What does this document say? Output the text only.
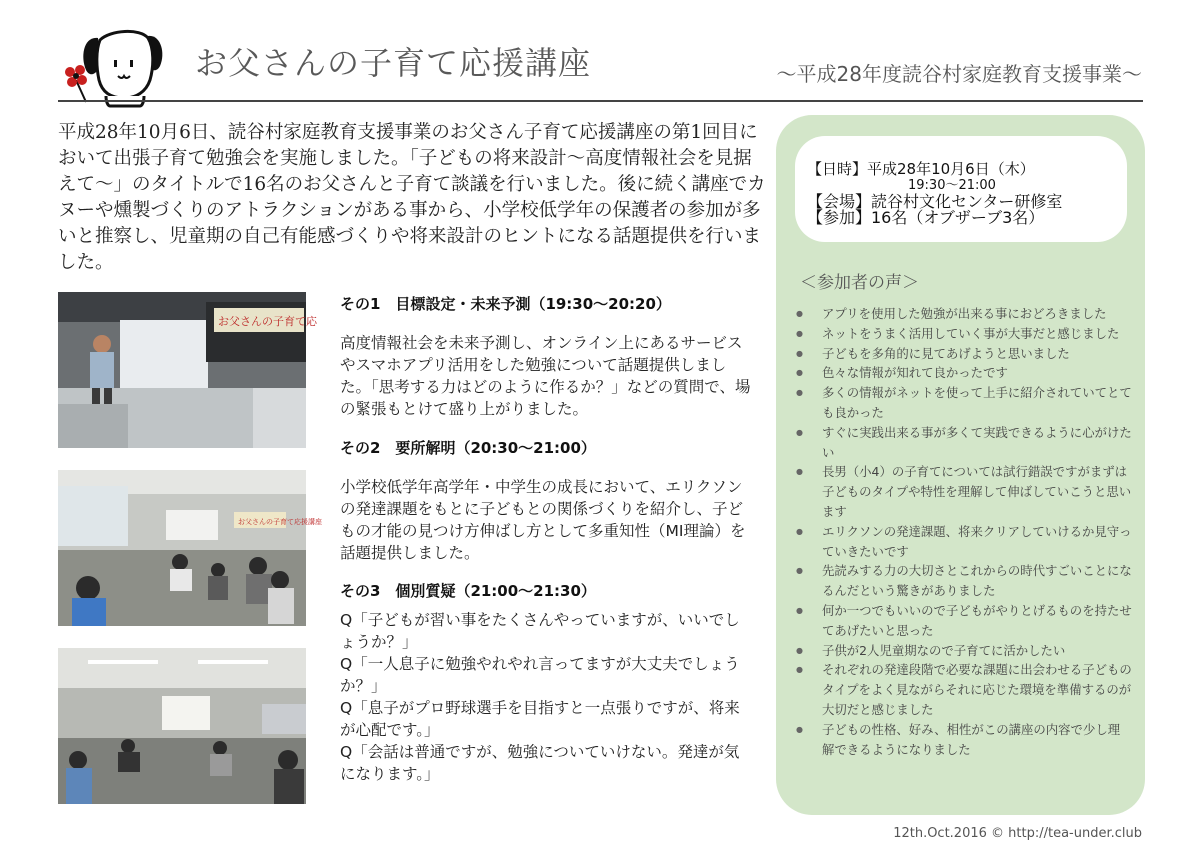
お父さんの子育て応援講座	～平成28年度読谷村家庭教育支援事業～
平成28年10月6日、読谷村家庭教育支援事業のお父さん子育て応援講座の第1回目において出張子育て勉強会を実施しました。「子どもの将来設計～高度情報社会を見据えて～」のタイトルで16名のお父さんと子育て談議を行いました。後に続く講座でカヌーや燻製づくりのアトラクションがある事から、小学校低学年の保護者の参加が多いと推察し、児童期の自己有能感づくりや将来設計のヒントになる話題提供を行いました。
お父さんの子育て応
お父さんの子育て応援講座
その1　目標設定・未来予測（19:30～20:20）
高度情報社会を未来予測し、オンライン上にあるサービスやスマホアプリ活用をした勉強について話題提供しました。「思考する力はどのように作るか？」などの質問で、場の緊張もとけて盛り上がりました。
その2　要所解明（20:30～21:00）
小学校低学年高学年・中学生の成長において、エリクソンの発達課題をもとに子どもとの関係づくりを紹介し、子どもの才能の見つけ方伸ばし方として多重知性（MI理論）を話題提供しました。
その3　個別質疑（21:00～21:30）
Q「子どもが習い事をたくさんやっていますが、いいでしょうか？」
Q「一人息子に勉強やれやれ言ってますが大丈夫でしょうか？」
Q「息子がプロ野球選手を目指すと一点張りですが、将来が心配です。」
Q「会話は普通ですが、勉強についていけない。発達が気になります。」
【日時】平成28年10月6日（木）
19:30～21:00
【会場】読谷村文化センター研修室
【参加】16名（オブザーブ3名）
＜参加者の声＞
● アプリを使用した勉強が出来る事におどろきました
● ネットをうまく活用していく事が大事だと感じました
● 子どもを多角的に見てあげようと思いました
● 色々な情報が知れて良かったです
● 多くの情報がネットを使って上手に紹介されていてとても良かった
● すぐに実践出来る事が多くて実践できるように心がけたい
● 長男（小4）の子育てについては試行錯誤ですがまずは子どものタイプや特性を理解して伸ばしていこうと思います
● エリクソンの発達課題、将来クリアしていけるか見守っていきたいです
● 先読みする力の大切さとこれからの時代すごいことになるんだという驚きがありました
● 何か一つでもいいので子どもがやりとげるものを持たせてあげたいと思った
● 子供が2人児童期なので子育てに活かしたい
● それぞれの発達段階で必要な課題に出会わせる子どものタイプをよく見ながらそれに応じた環境を準備するのが大切だと感じました
● 子どもの性格、好み、相性がこの講座の内容で少し理解できるようになりました
12th.Oct.2016 © http://tea-under.club
